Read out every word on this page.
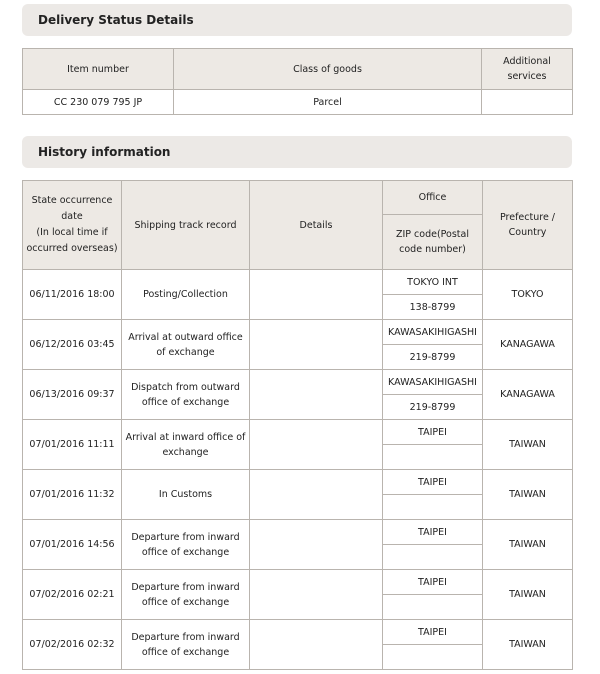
Delivery Status Details
Item number	Class of goods	Additional services
CC 230 079 795 JP	Parcel	
History information
State occurrence date
(In local time if occurred overseas)	Shipping track record	Details	Office	Prefecture / Country
			ZIP code(Postal code number)	
06/11/2016 18:00	Posting/Collection		TOKYO INT	TOKYO
			138-8799	
06/12/2016 03:45	Arrival at outward office of exchange		KAWASAKIHIGASHI	KANAGAWA
			219-8799	
06/13/2016 09:37	Dispatch from outward office of exchange		KAWASAKIHIGASHI	KANAGAWA
			219-8799	
07/01/2016 11:11	Arrival at inward office of exchange		TAIPEI	TAIWAN

07/01/2016 11:32	In Customs		TAIPEI	TAIWAN

07/01/2016 14:56	Departure from inward office of exchange		TAIPEI	TAIWAN

07/02/2016 02:21	Departure from inward office of exchange		TAIPEI	TAIWAN

07/02/2016 02:32	Departure from inward office of exchange		TAIPEI	TAIWAN
